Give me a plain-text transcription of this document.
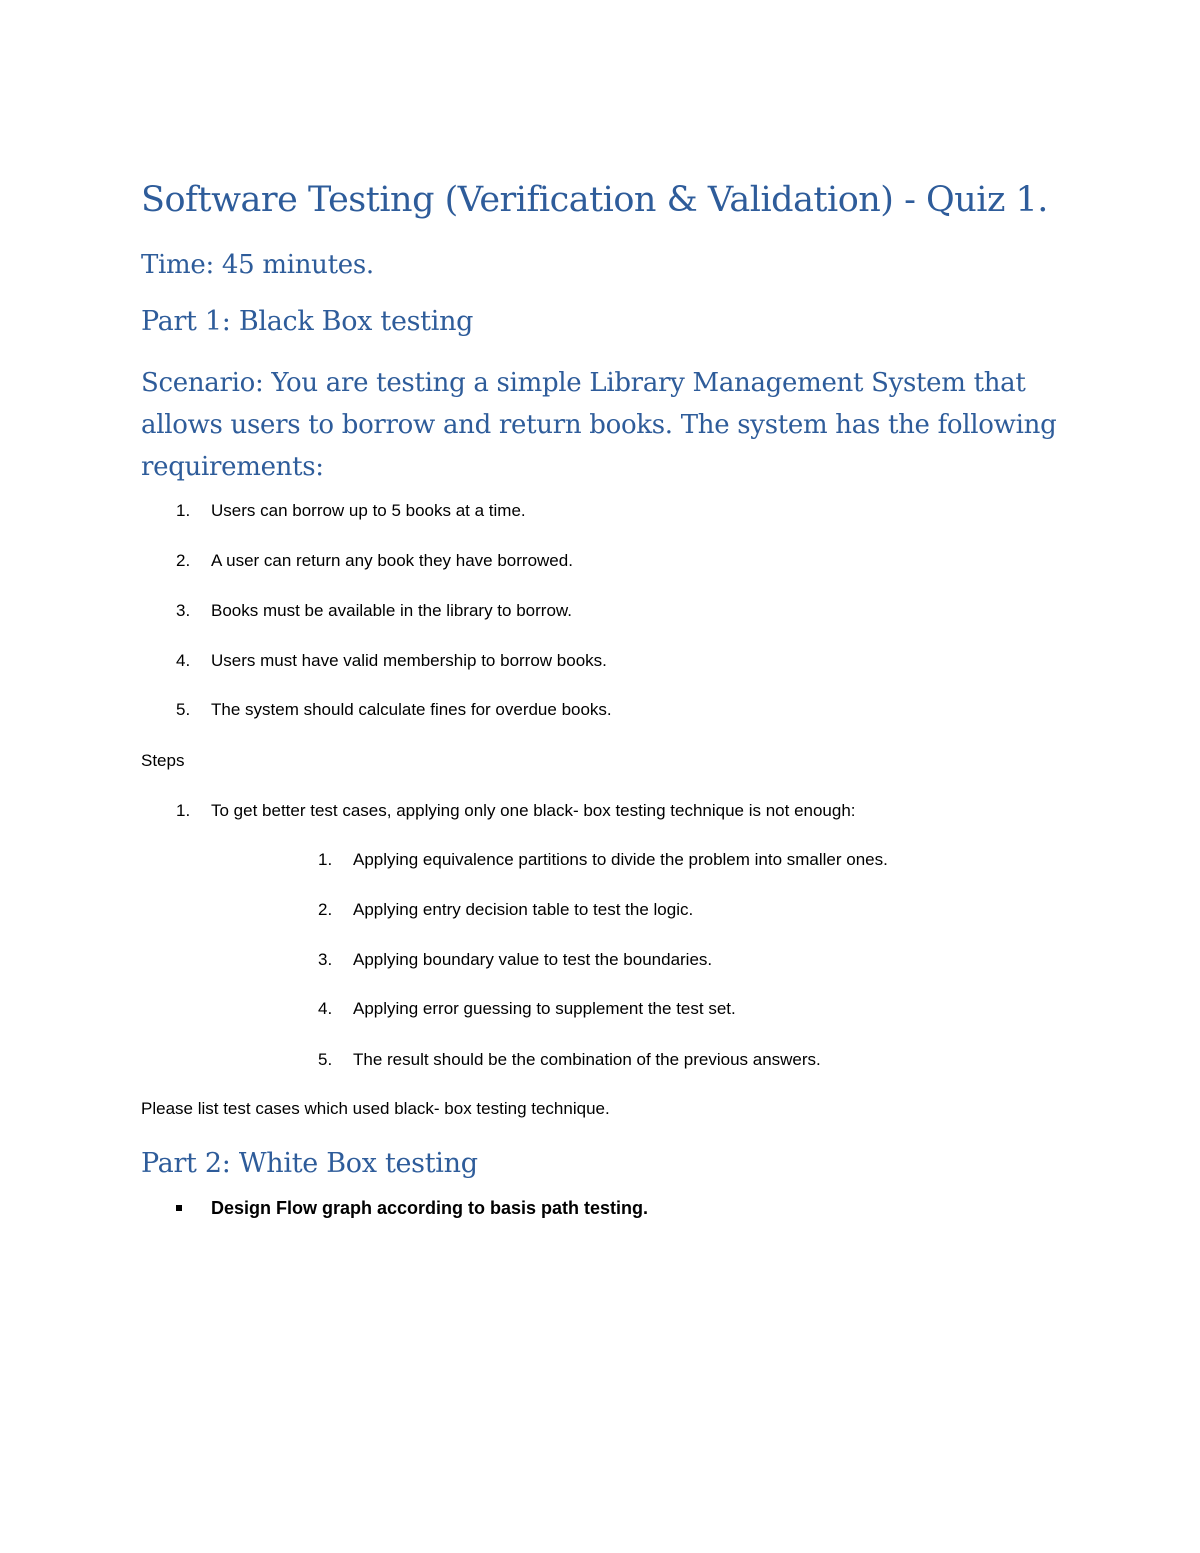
Software Testing (Verification & Validation) - Quiz 1.
Time: 45 minutes.
Part 1: Black Box testing

Scenario: You are testing a simple Library Management System that allows users to borrow and return books. The system has the following requirements:

1. Users can borrow up to 5 books at a time.
2. A user can return any book they have borrowed.
3. Books must be available in the library to borrow.
4. Users must have valid membership to borrow books.
5. The system should calculate fines for overdue books.
Steps
1. To get better test cases, applying only one black- box testing technique is not enough:
1. Applying equivalence partitions to divide the problem into smaller ones.
2. Applying entry decision table to test the logic.
3. Applying boundary value to test the boundaries.
4. Applying error guessing to supplement the test set.
5. The result should be the combination of the previous answers.
Please list test cases which used black- box testing technique.
Part 2: White Box testing
Design Flow graph according to basis path testing.
